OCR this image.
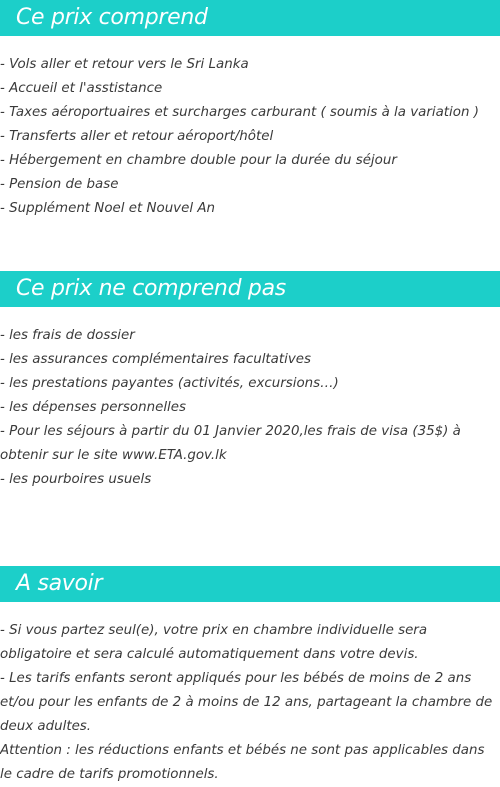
Ce prix comprend
- Vols aller et retour vers le Sri Lanka
- Accueil et l'asstistance
- Taxes aéroportuaires et surcharges carburant ( soumis à la variation )
- Transferts aller et retour aéroport/hôtel
- Hébergement en chambre double pour la durée du séjour
- Pension de base
- Supplément Noel et Nouvel An
Ce prix ne comprend pas
- les frais de dossier
- les assurances complémentaires facultatives
- les prestations payantes (activités, excursions…)
- les dépenses personnelles
- Pour les séjours à partir du 01 Janvier 2020,les frais de visa (35$) à obtenir sur le site www.ETA.gov.lk
- les pourboires usuels
A savoir
- Si vous partez seul(e), votre prix en chambre individuelle sera obligatoire et sera calculé automatiquement dans votre devis.
- Les tarifs enfants seront appliqués pour les bébés de moins de 2 ans et/ou pour les enfants de 2 à moins de 12 ans, partageant la chambre de deux adultes.
Attention : les réductions enfants et bébés ne sont pas applicables dans le cadre de tarifs promotionnels.
